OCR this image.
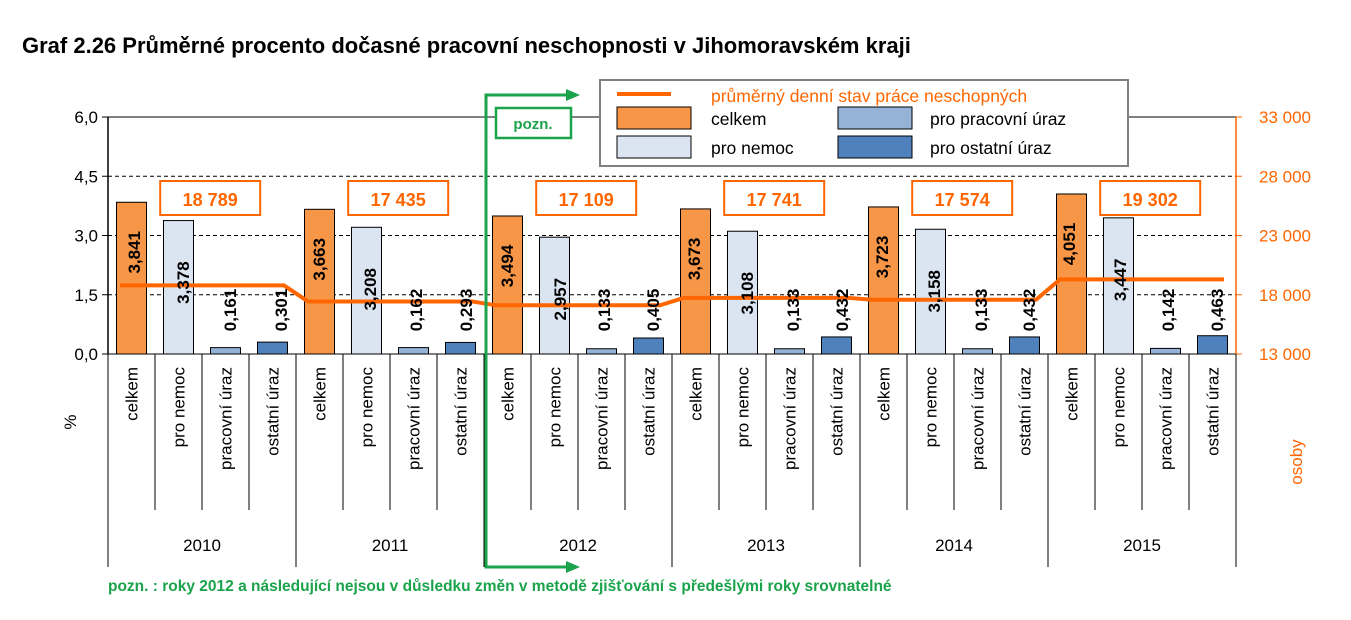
Graf 2.26 Průměrné procento dočasné pracovní neschopnosti v Jihomoravském kraji
0,0
1,5
3,0
4,5
6,0
13 000
18 000
23 000
28 000
33 000
%
osoby
18 789	17 435	17 109	17 741	17 574	19 302
3,841	3,663	3,494	3,673	3,723	4,051
3,378	3,208	2,957	3,108	3,158	3,447
0,161	0,162	0,133	0,133	0,133	0,142
0,301	0,293	0,405	0,432	0,432	0,463
celkem pro nemoc pracovní úraz ostatní úraz
2010
celkem pro nemoc pracovní úraz ostatní úraz
2011
celkem pro nemoc pracovní úraz ostatní úraz
2012
celkem pro nemoc pracovní úraz ostatní úraz
2013
celkem pro nemoc pracovní úraz ostatní úraz
2014
celkem pro nemoc pracovní úraz ostatní úraz
2015
pozn.
průměrný denní stav práce neschopných
celkem	pro pracovní úraz
pro nemoc	pro ostatní úraz
pozn. : roky 2012 a následující nejsou v důsledku změn v metodě zjišťování s předešlými roky srovnatelné
